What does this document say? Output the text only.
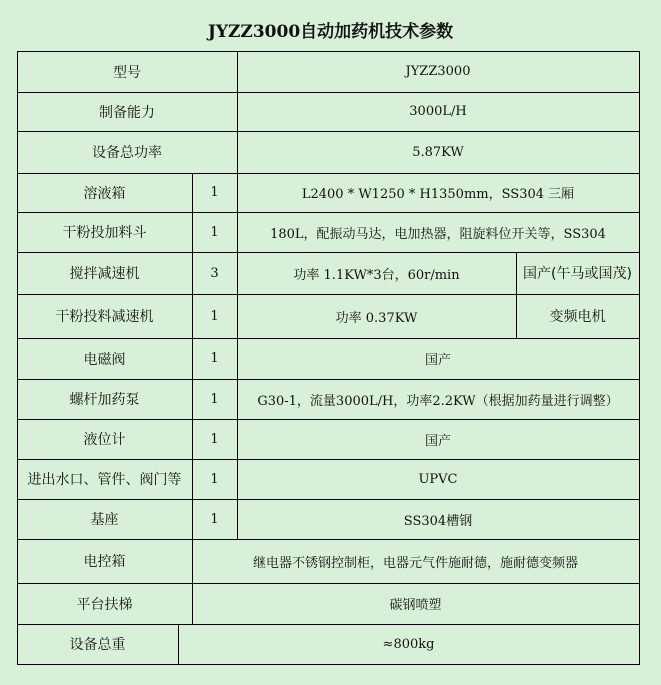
JYZZ3000自动加药机技术参数
型号	JYZZ3000
制备能力	3000L/H
设备总功率	5.87KW
溶液箱	1	L2400 * W1250 * H1350mm，SS304 三厢
干粉投加料斗	1	180L，配振动马达，电加热器，阻旋料位开关等，SS304
搅拌减速机	3	功率 1.1KW*3台，60r/min	国产(午马或国茂)
干粉投料减速机	1	功率 0.37KW	变频电机
电磁阀	1	国产
螺杆加药泵	1	G30-1，流量3000L/H，功率2.2KW（根据加药量进行调整）
液位计	1	国产
进出水口、管件、阀门等	1	UPVC
基座	1	SS304槽钢
电控箱	继电器不锈钢控制柜，电器元气件施耐德，施耐德变频器
平台扶梯	碳钢喷塑
设备总重	≈800kg
